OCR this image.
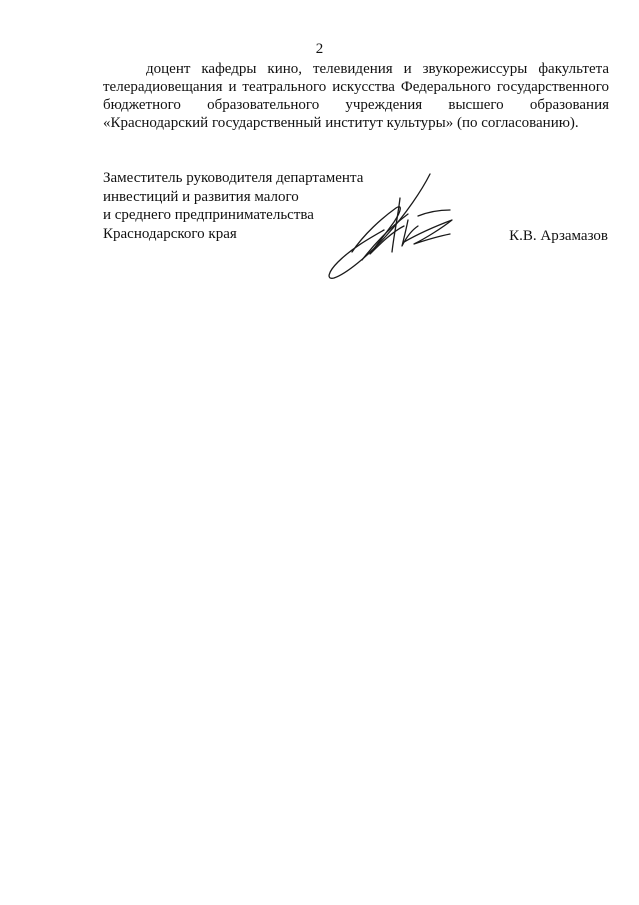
2
доцент кафедры кино, телевидения и звукорежиссуры факультета
телерадиовещания и театрального искусства Федерального государственного
бюджетного образовательного учреждения высшего образования
«Краснодарский государственный институт культуры» (по согласованию).
Заместитель руководителя департамента
инвестиций и развития малого
и среднего предпринимательства
Краснодарского края	К.В. Арзамазов
